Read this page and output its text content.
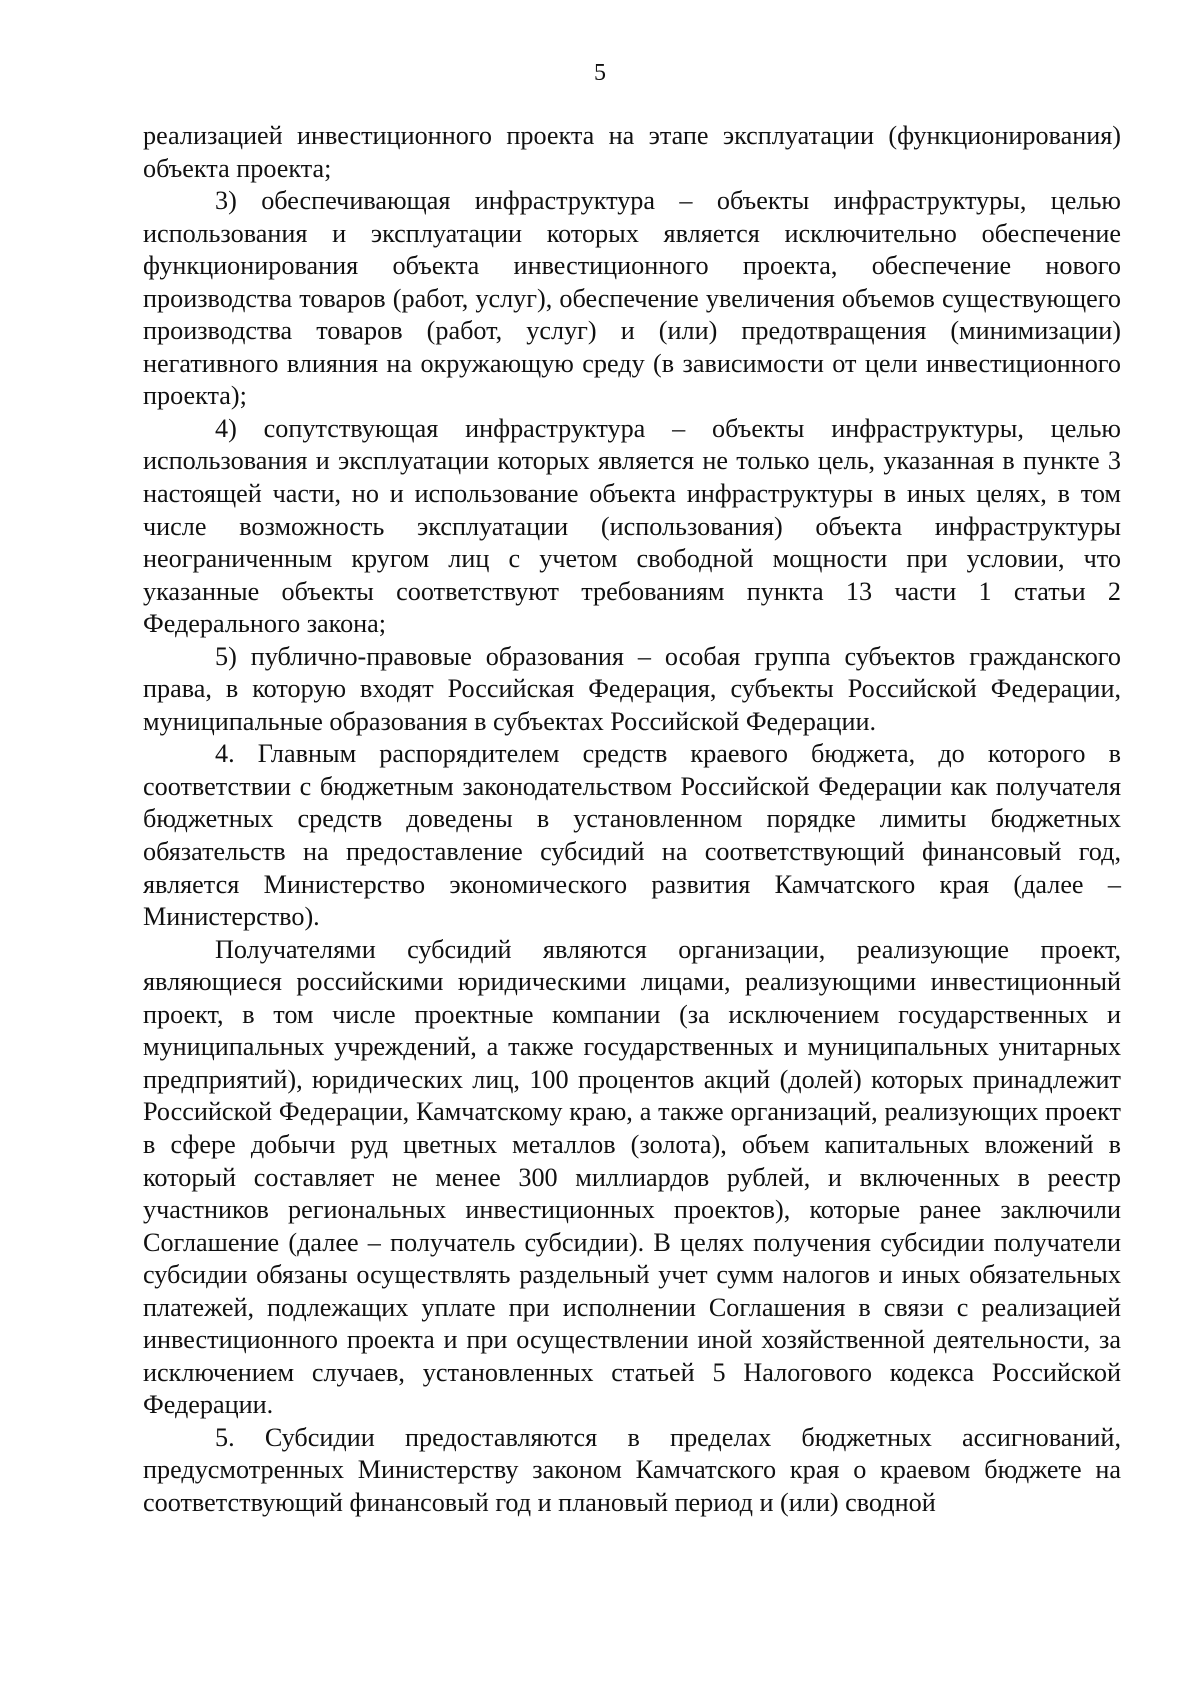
5

реализацией инвестиционного проекта на этапе эксплуатации (функционирования) объекта проекта;

3) обеспечивающая инфраструктура – объекты инфраструктуры, целью использования и эксплуатации которых является исключительно обеспечение функционирования объекта инвестиционного проекта, обеспечение нового производства товаров (работ, услуг), обеспечение увеличения объемов существующего производства товаров (работ, услуг) и (или) предотвращения (минимизации) негативного влияния на окружающую среду (в зависимости от цели инвестиционного проекта);

4) сопутствующая инфраструктура – объекты инфраструктуры, целью использования и эксплуатации которых является не только цель, указанная в пункте 3 настоящей части, но и использование объекта инфраструктуры в иных целях, в том числе возможность эксплуатации (использования) объекта инфраструктуры неограниченным кругом лиц с учетом свободной мощности при условии, что указанные объекты соответствуют требованиям пункта 13 части 1 статьи 2 Федерального закона;

5) публично-правовые образования – особая группа субъектов гражданского права, в которую входят Российская Федерация, субъекты Российской Федерации, муниципальные образования в субъектах Российской Федерации.

4. Главным распорядителем средств краевого бюджета, до которого в соответствии с бюджетным законодательством Российской Федерации как получателя бюджетных средств доведены в установленном порядке лимиты бюджетных обязательств на предоставление субсидий на соответствующий финансовый год, является Министерство экономического развития Камчатского края (далее – Министерство).

Получателями субсидий являются организации, реализующие проект, являющиеся российскими юридическими лицами, реализующими инвестиционный проект, в том числе проектные компании (за исключением государственных и муниципальных учреждений, а также государственных и муниципальных унитарных предприятий), юридических лиц, 100 процентов акций (долей) которых принадлежит Российской Федерации, Камчатскому краю, а также организаций, реализующих проект в сфере добычи руд цветных металлов (золота), объем капитальных вложений в который составляет не менее 300 миллиардов рублей, и включенных в реестр участников региональных инвестиционных проектов), которые ранее заключили Соглашение (далее – получатель субсидии). В целях получения субсидии получатели субсидии обязаны осуществлять раздельный учет сумм налогов и иных обязательных платежей, подлежащих уплате при исполнении Соглашения в связи с реализацией инвестиционного проекта и при осуществлении иной хозяйственной деятельности, за исключением случаев, установленных статьей 5 Налогового кодекса Российской Федерации.

5. Субсидии предоставляются в пределах бюджетных ассигнований, предусмотренных Министерству законом Камчатского края о краевом бюджете на соответствующий финансовый год и плановый период и (или) сводной
